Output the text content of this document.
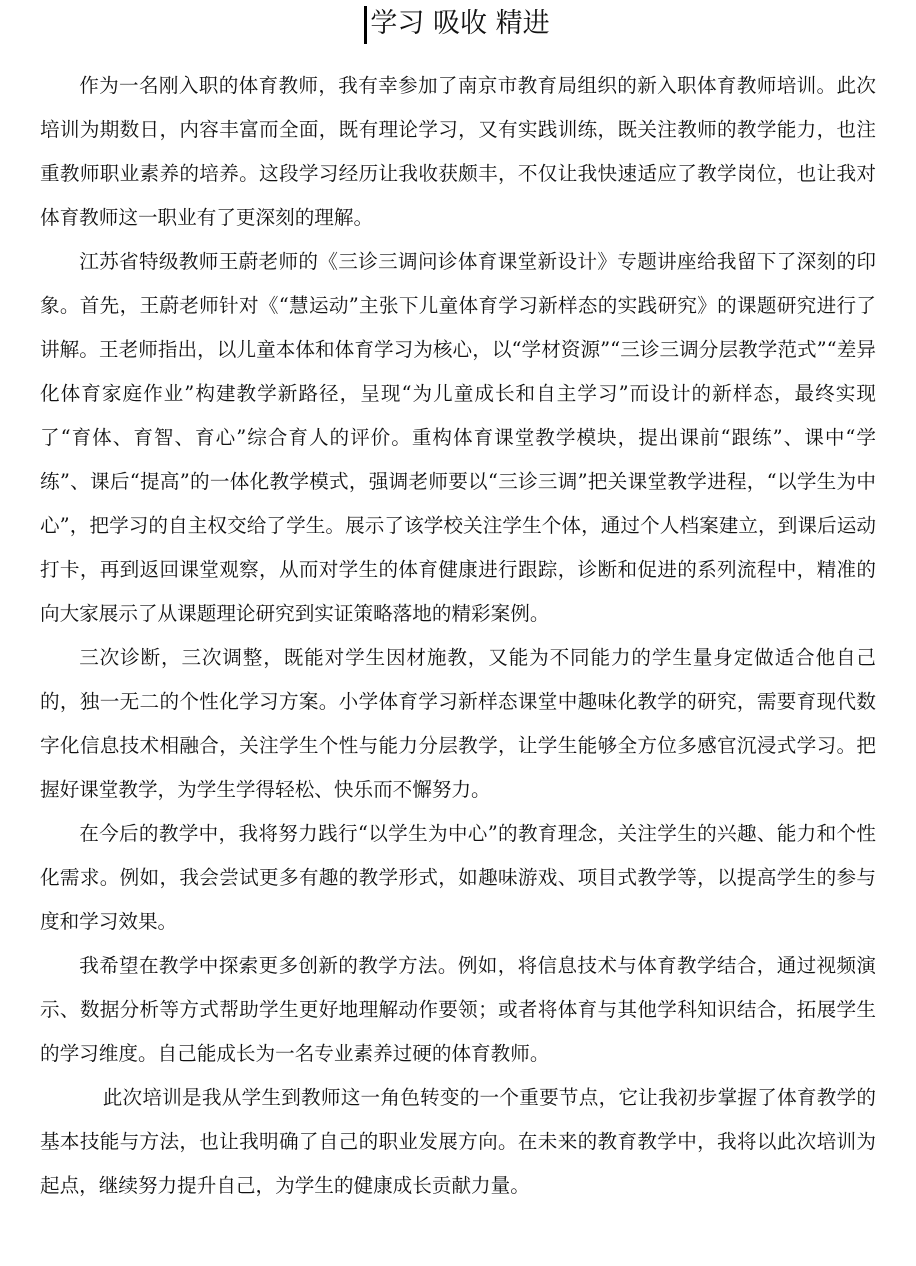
学习 吸收 精进

作为一名刚入职的体育教师，我有幸参加了南京市教育局组织的新入职体育教师培训。此次培训为期数日，内容丰富而全面，既有理论学习，又有实践训练，既关注教师的教学能力，也注重教师职业素养的培养。这段学习经历让我收获颇丰，不仅让我快速适应了教学岗位，也让我对体育教师这一职业有了更深刻的理解。

江苏省特级教师王蔚老师的《三诊三调问诊体育课堂新设计》专题讲座给我留下了深刻的印象。首先，王蔚老师针对《“慧运动”主张下儿童体育学习新样态的实践研究》的课题研究进行了讲解。王老师指出，以儿童本体和体育学习为核心，以“学材资源”“三诊三调分层教学范式”“差异化体育家庭作业”构建教学新路径，呈现“为儿童成长和自主学习”而设计的新样态，最终实现了“育体、育智、育心”综合育人的评价。重构体育课堂教学模块，提出课前“跟练”、课中“学练”、课后“提高”的一体化教学模式，强调老师要以“三诊三调”把关课堂教学进程，“以学生为中心”，把学习的自主权交给了学生。展示了该学校关注学生个体，通过个人档案建立，到课后运动打卡，再到返回课堂观察，从而对学生的体育健康进行跟踪，诊断和促进的系列流程中，精准的向大家展示了从课题理论研究到实证策略落地的精彩案例。

三次诊断，三次调整，既能对学生因材施教，又能为不同能力的学生量身定做适合他自己的，独一无二的个性化学习方案。小学体育学习新样态课堂中趣味化教学的研究，需要育现代数字化信息技术相融合，关注学生个性与能力分层教学，让学生能够全方位多感官沉浸式学习。把握好课堂教学，为学生学得轻松、快乐而不懈努力。

在今后的教学中，我将努力践行“以学生为中心”的教育理念，关注学生的兴趣、能力和个性化需求。例如，我会尝试更多有趣的教学形式，如趣味游戏、项目式教学等，以提高学生的参与度和学习效果。

我希望在教学中探索更多创新的教学方法。例如，将信息技术与体育教学结合，通过视频演示、数据分析等方式帮助学生更好地理解动作要领；或者将体育与其他学科知识结合，拓展学生的学习维度。自己能成长为一名专业素养过硬的体育教师。

此次培训是我从学生到教师这一角色转变的一个重要节点，它让我初步掌握了体育教学的基本技能与方法，也让我明确了自己的职业发展方向。在未来的教育教学中，我将以此次培训为起点，继续努力提升自己，为学生的健康成长贡献力量。
